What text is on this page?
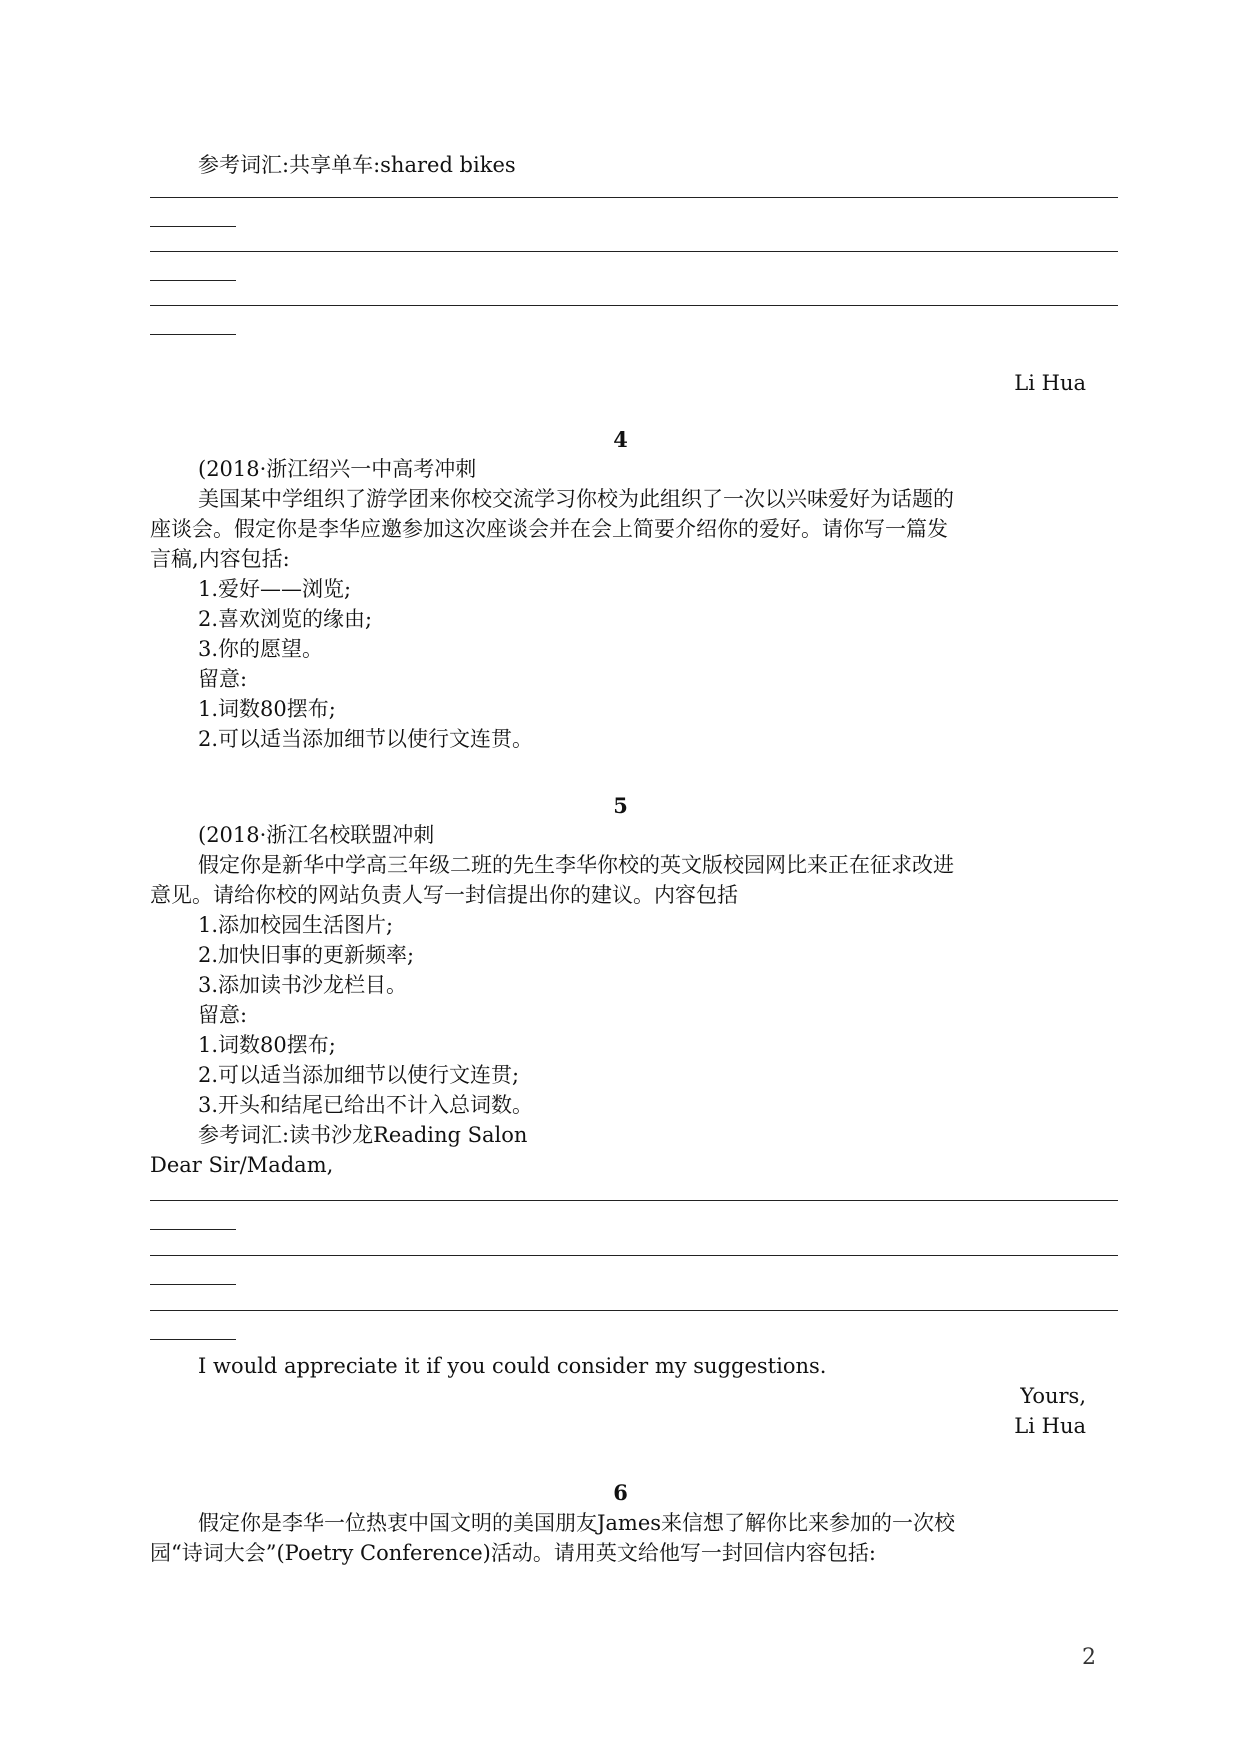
参考词汇:共享单车:shared bikes
Li Hua
4
(2018·浙江绍兴一中高考冲刺
美国某中学组织了游学团来你校交流学习你校为此组织了一次以兴味爱好为话题的
座谈会。假定你是李华应邀参加这次座谈会并在会上简要介绍你的爱好。请你写一篇发
言稿,内容包括:
1.爱好——浏览;
2.喜欢浏览的缘由;
3.你的愿望。
留意:
1.词数80摆布;
2.可以适当添加细节以使行文连贯。
5
(2018·浙江名校联盟冲刺
假定你是新华中学高三年级二班的先生李华你校的英文版校园网比来正在征求改进
意见。请给你校的网站负责人写一封信提出你的建议。内容包括
1.添加校园生活图片;
2.加快旧事的更新频率;
3.添加读书沙龙栏目。
留意:
1.词数80摆布;
2.可以适当添加细节以使行文连贯;
3.开头和结尾已给出不计入总词数。
参考词汇:读书沙龙Reading Salon
Dear Sir/Madam,
I would appreciate it if you could consider my suggestions.
Yours,
Li Hua
6
假定你是李华一位热衷中国文明的美国朋友James来信想了解你比来参加的一次校
园“诗词大会”(Poetry Conference)活动。请用英文给他写一封回信内容包括:
2
